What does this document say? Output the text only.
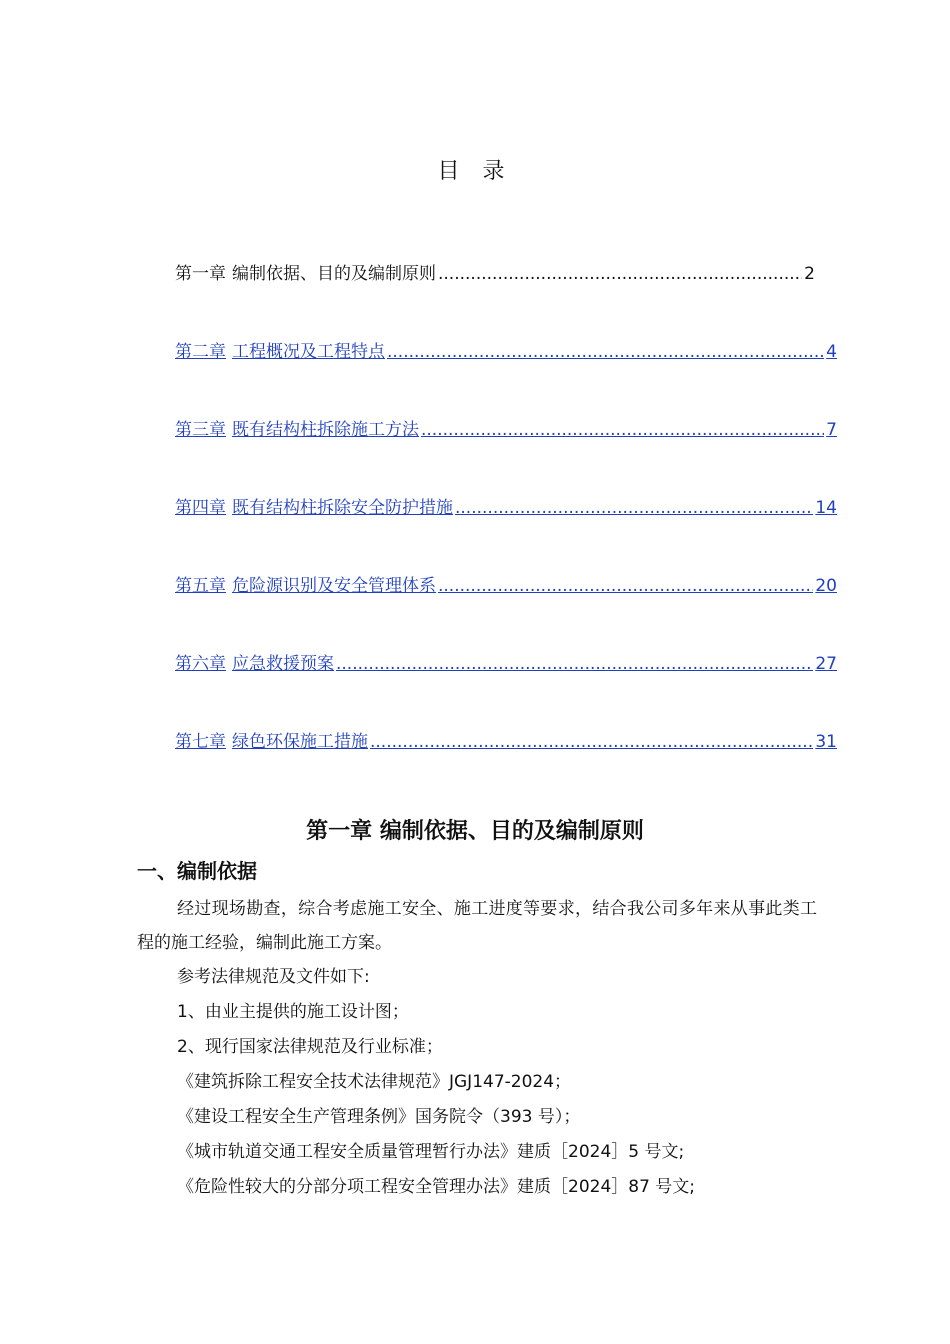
目 录
第一章 编制依据、目的及编制原则 .....	2
第二章 工程概况及工程特点 .....	4
第三章 既有结构柱拆除施工方法 .....	7
第四章 既有结构柱拆除安全防护措施 .....	14
第五章 危险源识别及安全管理体系 .....	20
第六章 应急救援预案 .....	27
第七章 绿色环保施工措施 .....	31
第一章 编制依据、目的及编制原则
一、编制依据

经过现场勘查，综合考虑施工安全、施工进度等要求，结合我公司多年来从事此类工程的施工经验，编制此施工方案。

参考法律规范及文件如下:

1、由业主提供的施工设计图；

2、现行国家法律规范及行业标准；

《建筑拆除工程安全技术法律规范》JGJ147-2024；

《建设工程安全生产管理条例》国务院令（393 号）；

《城市轨道交通工程安全质量管理暂行办法》建质［2024］5 号文;

《危险性较大的分部分项工程安全管理办法》建质［2024］87 号文;
